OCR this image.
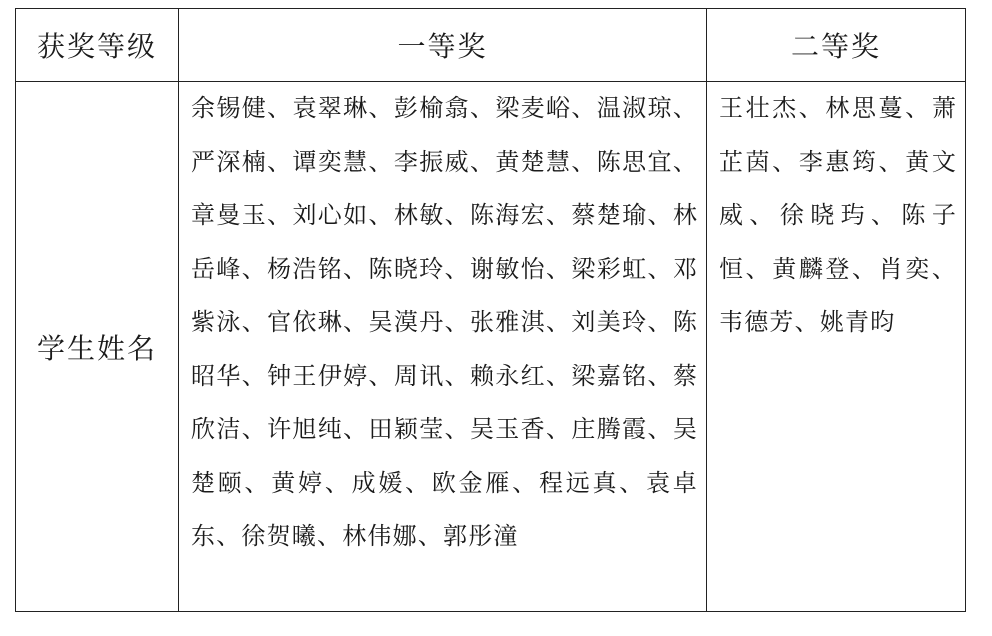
获奖等级	一等奖	二等奖
学生姓名	余锡健、袁翠琳、彭榆翕、梁麦峪、温淑琼、严深楠、谭奕慧、李振威、黄楚慧、陈思宜、章曼玉、刘心如、林敏、陈海宏、蔡楚瑜、林岳峰、杨浩铭、陈晓玲、谢敏怡、梁彩虹、邓紫泳、官依琳、吴漠丹、张雅淇、刘美玲、陈昭华、钟王伊婷、周讯、赖永红、梁嘉铭、蔡欣洁、许旭纯、田颖莹、吴玉香、庄腾霞、吴楚颐、黄婷、成媛、欧金雁、程远真、袁卓东、徐贺曦、林伟娜、郭彤潼	王壮杰、林思蔓、萧芷茵、李惠筠、黄文威、徐晓玙、陈子恒、黄麟登、肖奕、韦德芳、姚青昀
